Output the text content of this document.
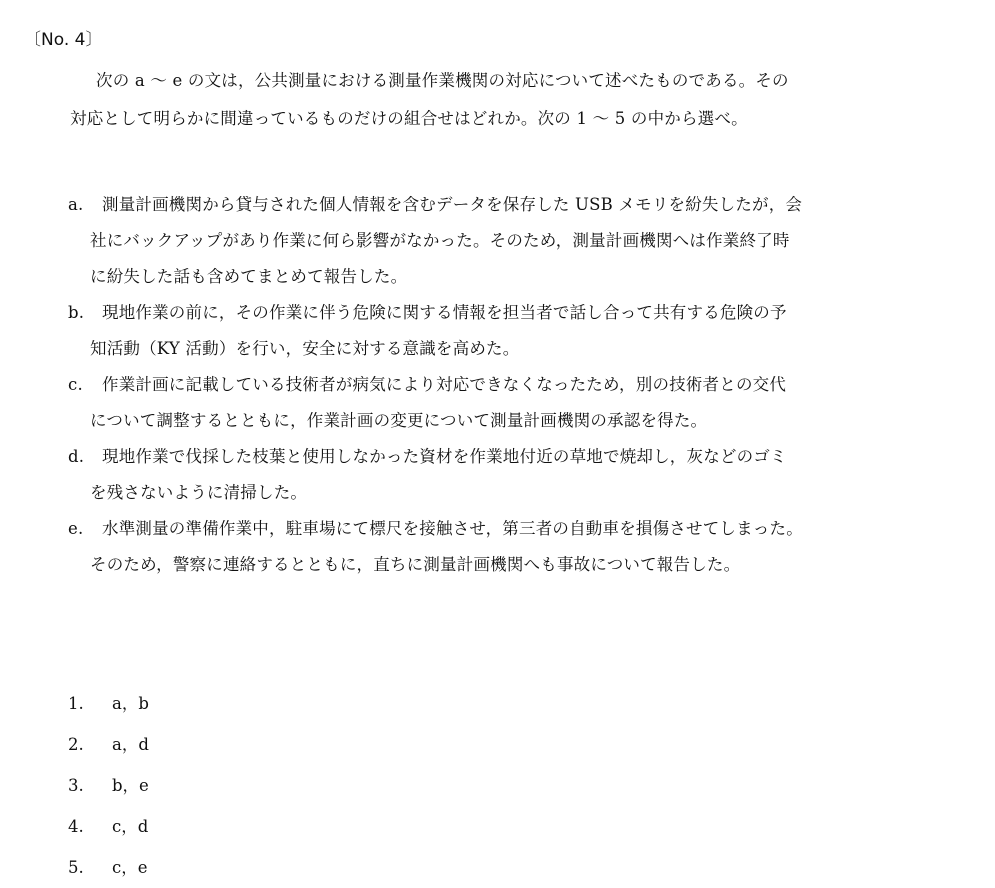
〔No. 4〕
次の a 〜 e の文は，公共測量における測量作業機関の対応について述べたものである。その
対応として明らかに間違っているものだけの組合せはどれか。次の 1 〜 5 の中から選べ。
a. 測量計画機関から貸与された個人情報を含むデータを保存した USB メモリを紛失したが，会
社にバックアップがあり作業に何ら影響がなかった。そのため，測量計画機関へは作業終了時
に紛失した話も含めてまとめて報告した。
b. 現地作業の前に，その作業に伴う危険に関する情報を担当者で話し合って共有する危険の予
知活動（KY 活動）を行い，安全に対する意識を高めた。
c. 作業計画に記載している技術者が病気により対応できなくなったため，別の技術者との交代
について調整するとともに，作業計画の変更について測量計画機関の承認を得た。
d. 現地作業で伐採した枝葉と使用しなかった資材を作業地付近の草地で焼却し，灰などのゴミ
を残さないように清掃した。
e. 水準測量の準備作業中，駐車場にて標尺を接触させ，第三者の自動車を損傷させてしまった。
そのため，警察に連絡するとともに，直ちに測量計画機関へも事故について報告した。
1. a，b
2. a，d
3. b，e
4. c，d
5. c，e
